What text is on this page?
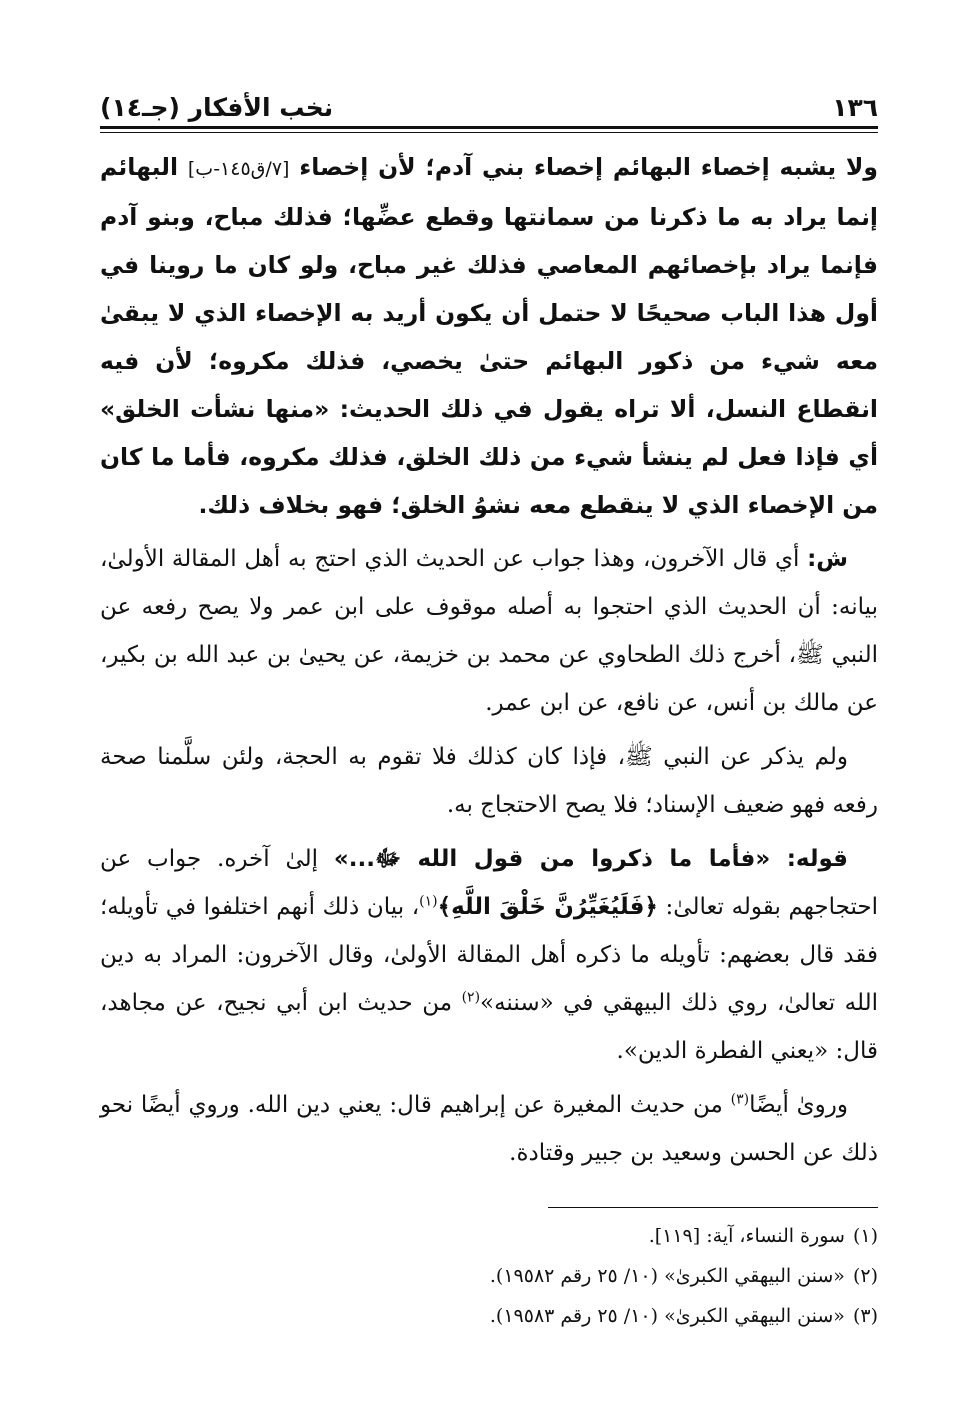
١٣٦
نخب الأفكار (جـ١٤)

ولا يشبه إخصاء البهائم إخصاء بني آدم؛ لأن إخصاء [٧/ق١٤٥-ب] البهائم إنما يراد به ما ذكرنا من سمانتها وقطع عضِّها؛ فذلك مباح، وبنو آدم فإنما يراد بإخصائهم المعاصي فذلك غير مباح، ولو كان ما روينا في أول هذا الباب صحيحًا لا حتمل أن يكون أريد به الإخصاء الذي لا يبقىٰ معه شيء من ذكور البهائم حتىٰ يخصي، فذلك مكروه؛ لأن فيه انقطاع النسل، ألا تراه يقول في ذلك الحديث: «منها نشأت الخلق» أي فإذا فعل لم ينشأ شيء من ذلك الخلق، فذلك مكروه، فأما ما كان من الإخصاء الذي لا ينقطع معه نشوُ الخلق؛ فهو بخلاف ذلك.

ش: أي قال الآخرون، وهذا جواب عن الحديث الذي احتج به أهل المقالة الأولىٰ، بيانه: أن الحديث الذي احتجوا به أصله موقوف على ابن عمر ولا يصح رفعه عن النبي ﷺ، أخرج ذلك الطحاوي عن محمد بن خزيمة، عن يحيىٰ بن عبد الله بن بكير، عن مالك بن أنس، عن نافع، عن ابن عمر.

ولم يذكر عن النبي ﷺ، فإذا كان كذلك فلا تقوم به الحجة، ولئن سلَّمنا صحة رفعه فهو ضعيف الإسناد؛ فلا يصح الاحتجاج به.

قوله: «فأما ما ذكروا من قول الله ﷻ...» إلىٰ آخره. جواب عن احتجاجهم بقوله تعالىٰ: ﴿فَلَيُغَيِّرُنَّ خَلْقَ اللَّهِ﴾$^{(١)}$، بيان ذلك أنهم اختلفوا في تأويله؛ فقد قال بعضهم: تأويله ما ذكره أهل المقالة الأولىٰ، وقال الآخرون: المراد به دين الله تعالىٰ، روي ذلك البيهقي في «سننه»$^{(٢)}$ من حديث ابن أبي نجيح، عن مجاهد، قال: «يعني الفطرة الدين».

وروىٰ أيضًا$^{(٣)}$ من حديث المغيرة عن إبراهيم قال: يعني دين الله. وروي أيضًا نحو ذلك عن الحسن وسعيد بن جبير وقتادة.

(١)
سورة النساء، آية: [١١٩].
(٢)
«سنن البيهقي الكبرىٰ» (١٠/ ٢٥ رقم ١٩٥٨٢).
(٣)
«سنن البيهقي الكبرىٰ» (١٠/ ٢٥ رقم ١٩٥٨٣).
